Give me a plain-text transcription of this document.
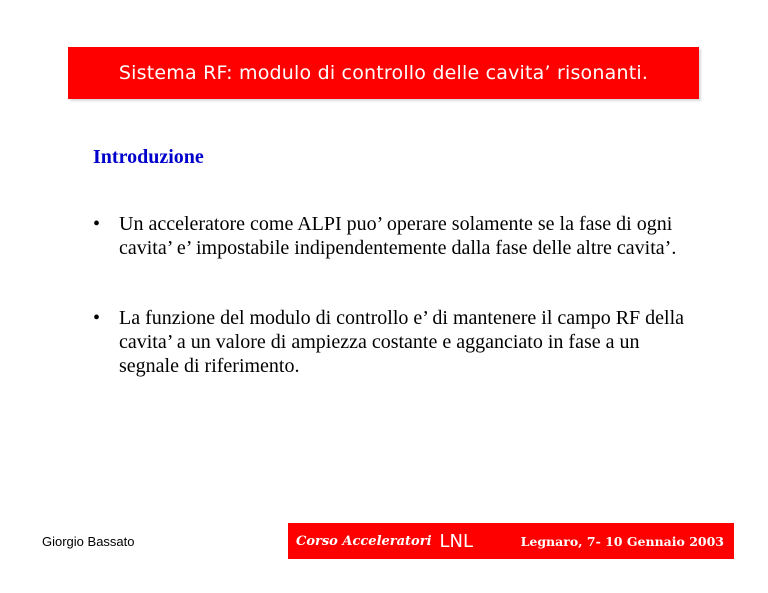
Sistema RF: modulo di controllo delle cavita’ risonanti.
Introduzione
• Un acceleratore come ALPI puo’ operare solamente se la fase di ogni cavita’ e’ impostabile indipendentemente dalla fase delle altre cavita’.
• La funzione del modulo di controllo e’ di mantenere il campo RF della cavita’ a un valore di ampiezza costante e agganciato in fase a un segnale di riferimento.
Giorgio Bassato	Corso Acceleratori LNL	Legnaro, 7- 10 Gennaio 2003
